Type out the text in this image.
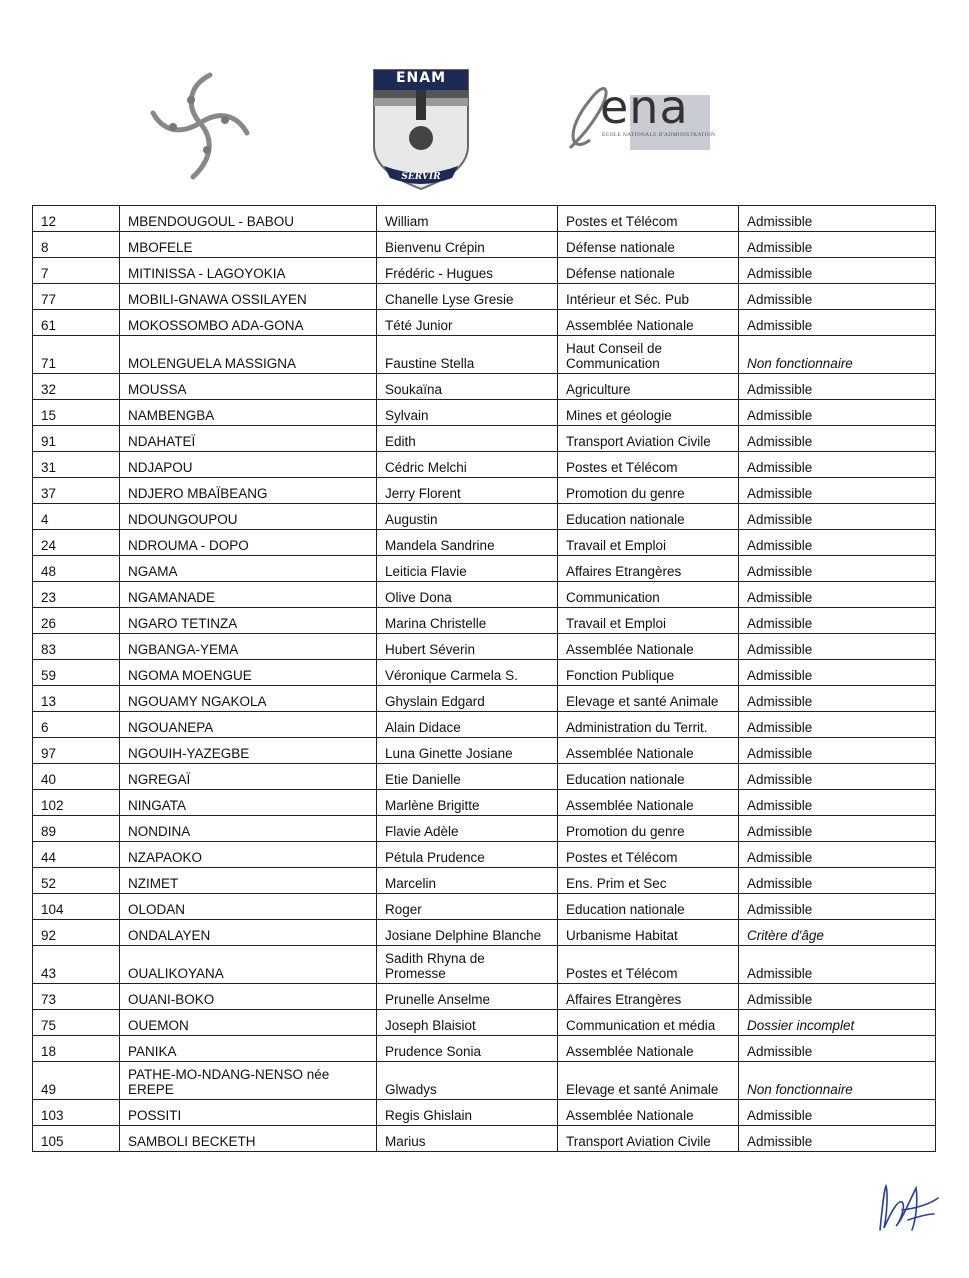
ENAM
SERVIR
ena
ÉCOLE NATIONALE D'ADMINISTRATION
12	MBENDOUGOUL - BABOU	William	Postes et Télécom	Admissible
8	MBOFELE	Bienvenu Crépin	Défense nationale	Admissible
7	MITINISSA - LAGOYOKIA	Frédéric - Hugues	Défense nationale	Admissible
77	MOBILI-GNAWA OSSILAYEN	Chanelle Lyse Gresie	Intérieur et Séc. Pub	Admissible
61	MOKOSSOMBO ADA-GONA	Tété Junior	Assemblée Nationale	Admissible
71	MOLENGUELA MASSIGNA	Faustine Stella	Haut Conseil de Communication	Non fonctionnaire
32	MOUSSA	Soukaïna	Agriculture	Admissible
15	NAMBENGBA	Sylvain	Mines et géologie	Admissible
91	NDAHATEÏ	Edith	Transport Aviation Civile	Admissible
31	NDJAPOU	Cédric Melchi	Postes et Télécom	Admissible
37	NDJERO MBAÏBEANG	Jerry Florent	Promotion du genre	Admissible
4	NDOUNGOUPOU	Augustin	Education nationale	Admissible
24	NDROUMA - DOPO	Mandela Sandrine	Travail et Emploi	Admissible
48	NGAMA	Leiticia Flavie	Affaires Etrangères	Admissible
23	NGAMANADE	Olive Dona	Communication	Admissible
26	NGARO TETINZA	Marina Christelle	Travail et Emploi	Admissible
83	NGBANGA-YEMA	Hubert Séverin	Assemblée Nationale	Admissible
59	NGOMA MOENGUE	Véronique Carmela S.	Fonction Publique	Admissible
13	NGOUAMY NGAKOLA	Ghyslain Edgard	Elevage et santé Animale	Admissible
6	NGOUANEPA	Alain Didace	Administration du Territ.	Admissible
97	NGOUIH-YAZEGBE	Luna Ginette Josiane	Assemblée Nationale	Admissible
40	NGREGAÏ	Etie Danielle	Education nationale	Admissible
102	NINGATA	Marlène Brigitte	Assemblée Nationale	Admissible
89	NONDINA	Flavie Adèle	Promotion du genre	Admissible
44	NZAPAOKO	Pétula Prudence	Postes et Télécom	Admissible
52	NZIMET	Marcelin	Ens. Prim et Sec	Admissible
104	OLODAN	Roger	Education nationale	Admissible
92	ONDALAYEN	Josiane Delphine Blanche	Urbanisme Habitat	Critère d'âge
43	OUALIKOYANA	Sadith Rhyna de Promesse	Postes et Télécom	Admissible
73	OUANI-BOKO	Prunelle Anselme	Affaires Etrangères	Admissible
75	OUEMON	Joseph Blaisiot	Communication et média	Dossier incomplet
18	PANIKA	Prudence Sonia	Assemblée Nationale	Admissible
49	PATHE-MO-NDANG-NENSO née EREPE	Glwadys	Elevage et santé Animale	Non fonctionnaire
103	POSSITI	Regis Ghislain	Assemblée Nationale	Admissible
105	SAMBOLI BECKETH	Marius	Transport Aviation Civile	Admissible
